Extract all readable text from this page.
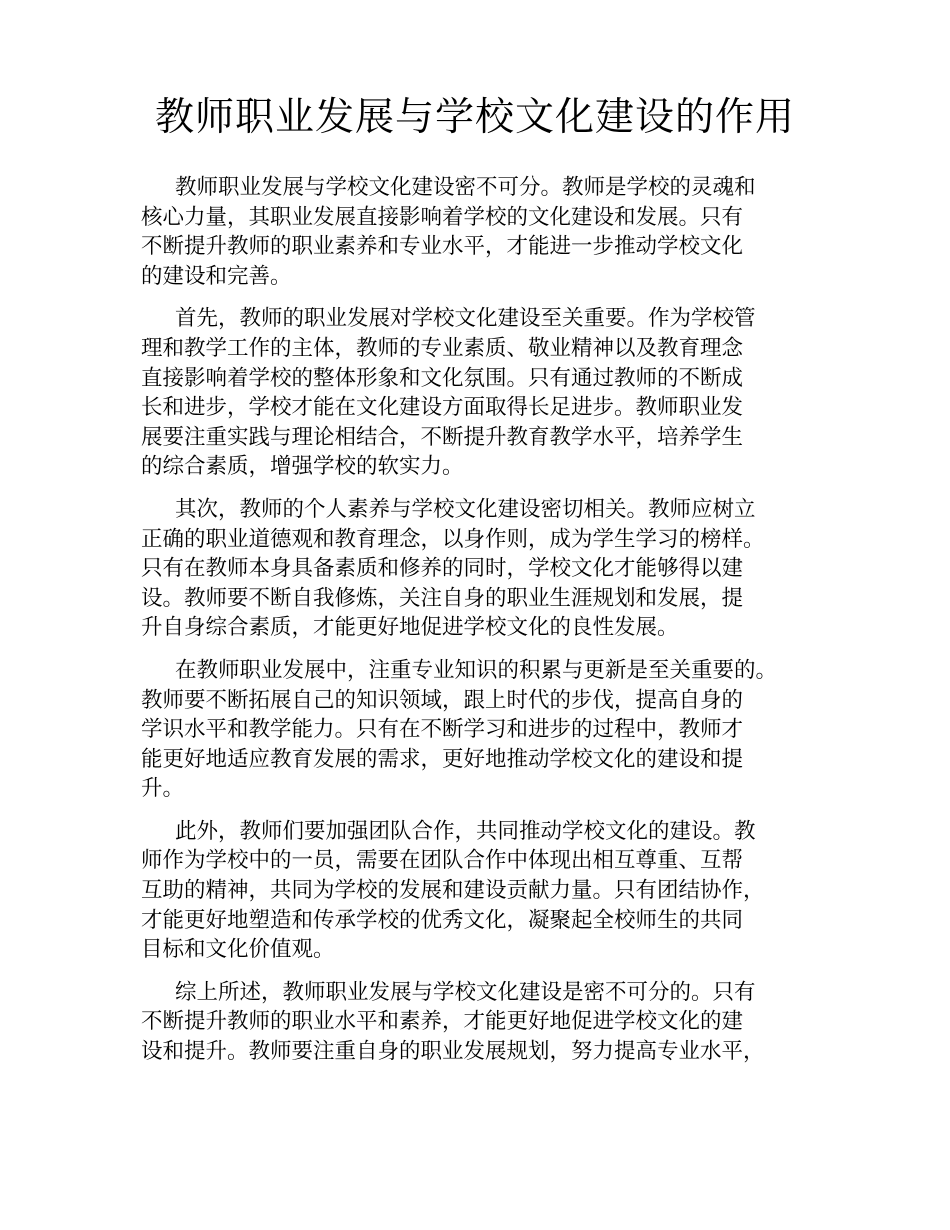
教师职业发展与学校文化建设的作用
教师职业发展与学校文化建设密不可分。教师是学校的灵魂和
核心力量，其职业发展直接影响着学校的文化建设和发展。只有
不断提升教师的职业素养和专业水平，才能进一步推动学校文化
的建设和完善。
首先，教师的职业发展对学校文化建设至关重要。作为学校管
理和教学工作的主体，教师的专业素质、敬业精神以及教育理念
直接影响着学校的整体形象和文化氛围。只有通过教师的不断成
长和进步，学校才能在文化建设方面取得长足进步。教师职业发
展要注重实践与理论相结合，不断提升教育教学水平，培养学生
的综合素质，增强学校的软实力。
其次，教师的个人素养与学校文化建设密切相关。教师应树立
正确的职业道德观和教育理念，以身作则，成为学生学习的榜样。
只有在教师本身具备素质和修养的同时，学校文化才能够得以建
设。教师要不断自我修炼，关注自身的职业生涯规划和发展，提
升自身综合素质，才能更好地促进学校文化的良性发展。
在教师职业发展中，注重专业知识的积累与更新是至关重要的。
教师要不断拓展自己的知识领域，跟上时代的步伐，提高自身的
学识水平和教学能力。只有在不断学习和进步的过程中，教师才
能更好地适应教育发展的需求，更好地推动学校文化的建设和提
升。
此外，教师们要加强团队合作，共同推动学校文化的建设。教
师作为学校中的一员，需要在团队合作中体现出相互尊重、互帮
互助的精神，共同为学校的发展和建设贡献力量。只有团结协作，
才能更好地塑造和传承学校的优秀文化，凝聚起全校师生的共同
目标和文化价值观。
综上所述，教师职业发展与学校文化建设是密不可分的。只有
不断提升教师的职业水平和素养，才能更好地促进学校文化的建
设和提升。教师要注重自身的职业发展规划，努力提高专业水平，
